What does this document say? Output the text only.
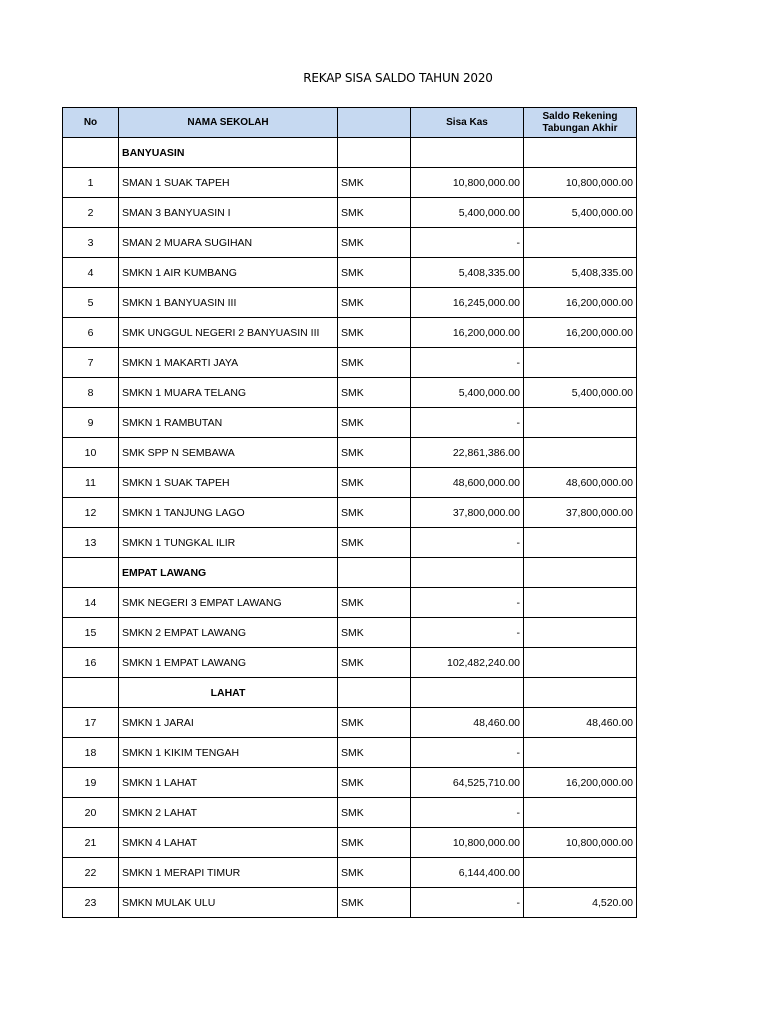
REKAP SISA SALDO TAHUN 2020
No	NAMA SEKOLAH		Sisa Kas	Saldo Rekening
Tabungan Akhir
	BANYUASIN			
1	SMAN 1 SUAK TAPEH	SMK	10,800,000.00	10,800,000.00
2	SMAN 3 BANYUASIN I	SMK	5,400,000.00	5,400,000.00
3	SMAN 2 MUARA SUGIHAN	SMK	-	
4	SMKN 1 AIR KUMBANG	SMK	5,408,335.00	5,408,335.00
5	SMKN 1 BANYUASIN III	SMK	16,245,000.00	16,200,000.00
6	SMK UNGGUL NEGERI 2 BANYUASIN III	SMK	16,200,000.00	16,200,000.00
7	SMKN 1 MAKARTI JAYA	SMK	-	
8	SMKN 1 MUARA TELANG	SMK	5,400,000.00	5,400,000.00
9	SMKN 1 RAMBUTAN	SMK	-	
10	SMK SPP N SEMBAWA	SMK	22,861,386.00	
11	SMKN 1 SUAK TAPEH	SMK	48,600,000.00	48,600,000.00
12	SMKN 1 TANJUNG LAGO	SMK	37,800,000.00	37,800,000.00
13	SMKN 1 TUNGKAL ILIR	SMK	-	
	EMPAT LAWANG			
14	SMK NEGERI 3 EMPAT LAWANG	SMK	-	
15	SMKN 2 EMPAT LAWANG	SMK	-	
16	SMKN 1 EMPAT LAWANG	SMK	102,482,240.00	
	LAHAT			
17	SMKN 1 JARAI	SMK	48,460.00	48,460.00
18	SMKN 1 KIKIM TENGAH	SMK	-	
19	SMKN 1 LAHAT	SMK	64,525,710.00	16,200,000.00
20	SMKN 2 LAHAT	SMK	-	
21	SMKN 4 LAHAT	SMK	10,800,000.00	10,800,000.00
22	SMKN 1 MERAPI TIMUR	SMK	6,144,400.00	
23	SMKN MULAK ULU	SMK	-	4,520.00
